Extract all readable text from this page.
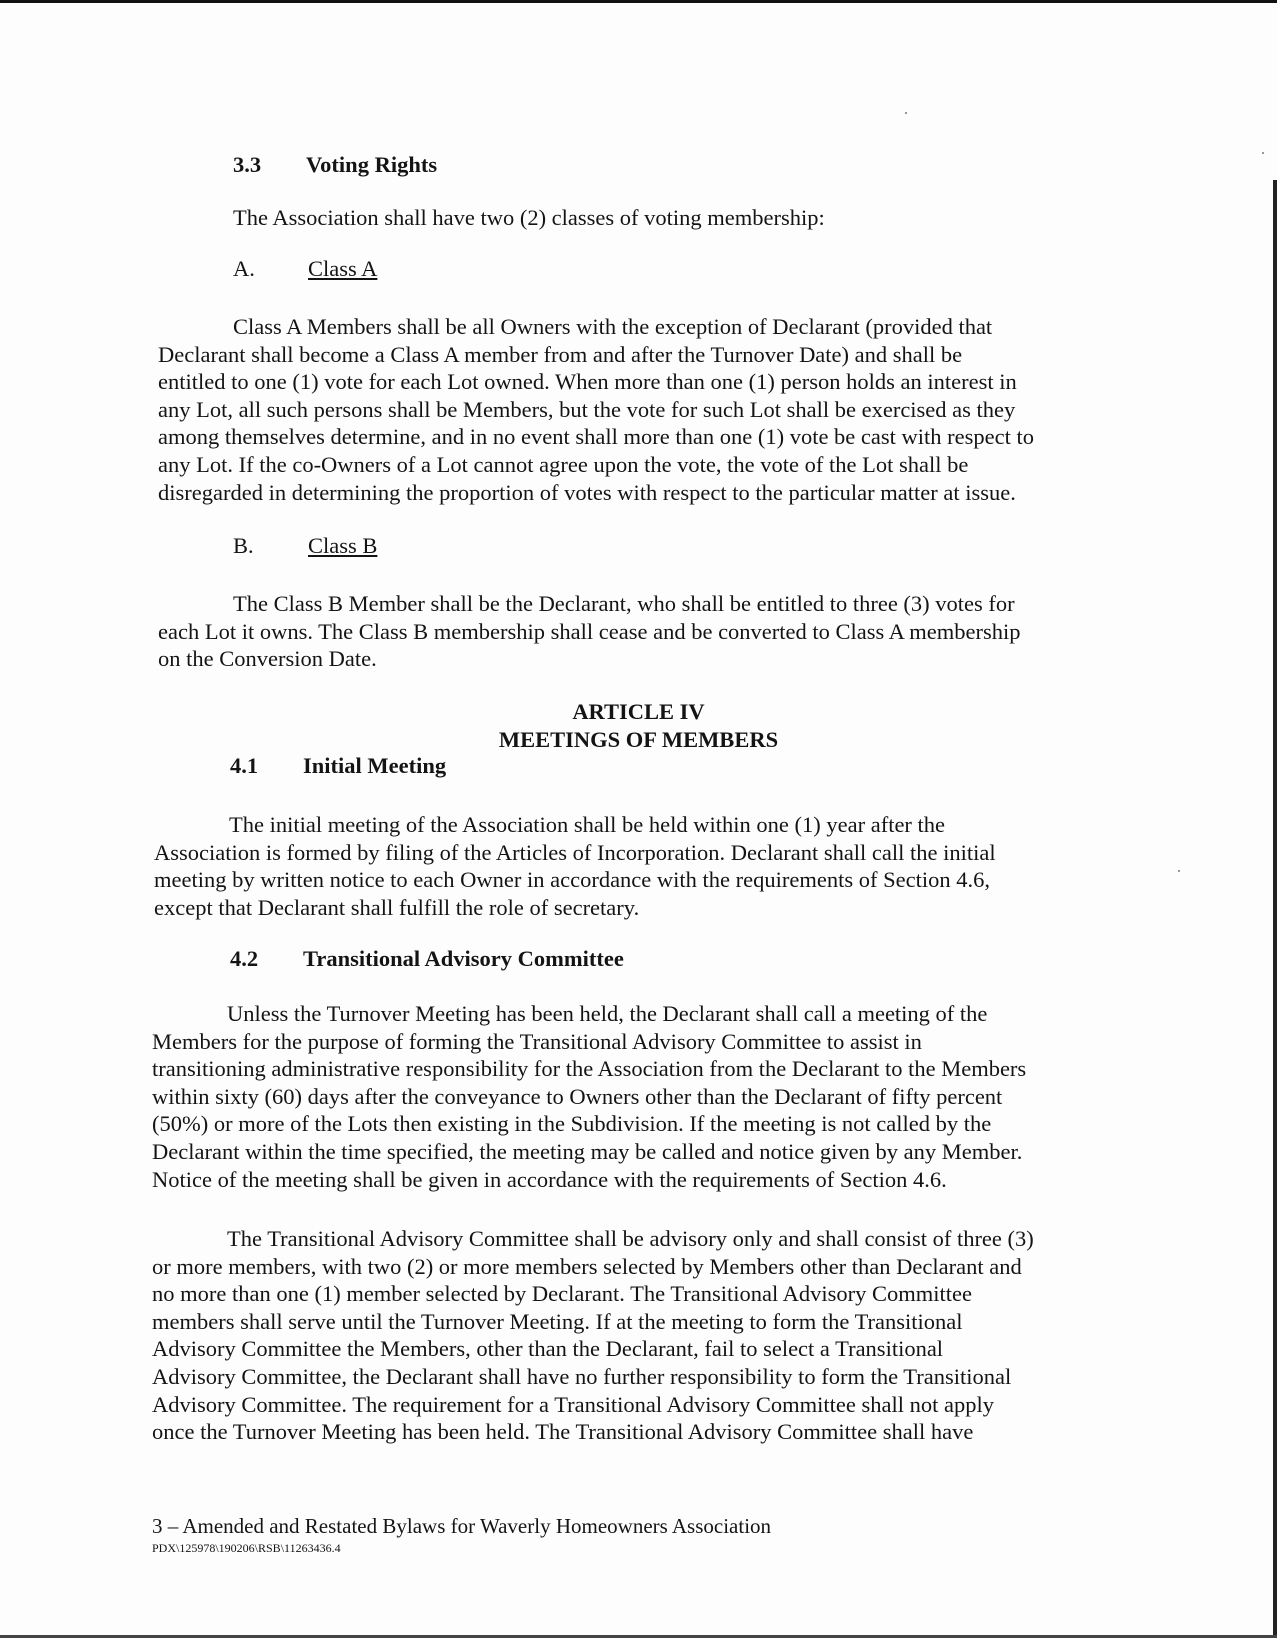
3.3 Voting Rights
The Association shall have two (2) classes of voting membership:
A. Class A

Class A Members shall be all Owners with the exception of Declarant (provided that

Declarant shall become a Class A member from and after the Turnover Date) and shall be

entitled to one (1) vote for each Lot owned. When more than one (1) person holds an interest in

any Lot, all such persons shall be Members, but the vote for such Lot shall be exercised as they

among themselves determine, and in no event shall more than one (1) vote be cast with respect to

any Lot. If the co-Owners of a Lot cannot agree upon the vote, the vote of the Lot shall be

disregarded in determining the proportion of votes with respect to the particular matter at issue.

B. Class B

The Class B Member shall be the Declarant, who shall be entitled to three (3) votes for

each Lot it owns. The Class B membership shall cease and be converted to Class A membership

on the Conversion Date.

ARTICLE IV
MEETINGS OF MEMBERS
4.1 Initial Meeting

The initial meeting of the Association shall be held within one (1) year after the

Association is formed by filing of the Articles of Incorporation. Declarant shall call the initial

meeting by written notice to each Owner in accordance with the requirements of Section 4.6,

except that Declarant shall fulfill the role of secretary.

4.2 Transitional Advisory Committee

Unless the Turnover Meeting has been held, the Declarant shall call a meeting of the

Members for the purpose of forming the Transitional Advisory Committee to assist in

transitioning administrative responsibility for the Association from the Declarant to the Members

within sixty (60) days after the conveyance to Owners other than the Declarant of fifty percent

(50%) or more of the Lots then existing in the Subdivision. If the meeting is not called by the

Declarant within the time specified, the meeting may be called and notice given by any Member.

Notice of the meeting shall be given in accordance with the requirements of Section 4.6.

The Transitional Advisory Committee shall be advisory only and shall consist of three (3)

or more members, with two (2) or more members selected by Members other than Declarant and

no more than one (1) member selected by Declarant. The Transitional Advisory Committee

members shall serve until the Turnover Meeting. If at the meeting to form the Transitional

Advisory Committee the Members, other than the Declarant, fail to select a Transitional

Advisory Committee, the Declarant shall have no further responsibility to form the Transitional

Advisory Committee. The requirement for a Transitional Advisory Committee shall not apply

once the Turnover Meeting has been held. The Transitional Advisory Committee shall have

3 – Amended and Restated Bylaws for Waverly Homeowners Association
PDX\125978\190206\RSB\11263436.4
